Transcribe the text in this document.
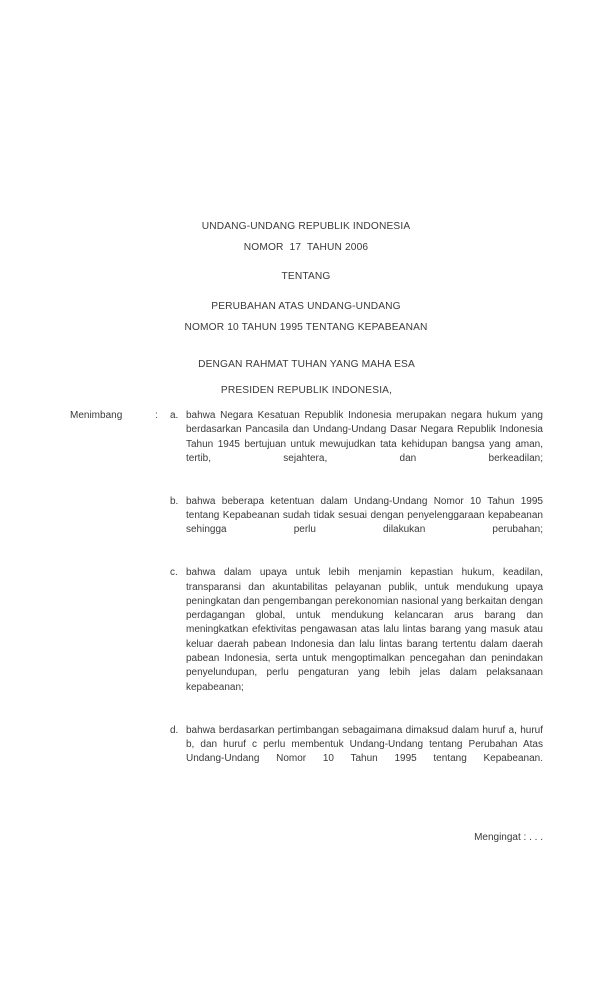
UNDANG-UNDANG REPUBLIK INDONESIA
NOMOR  17  TAHUN 2006
TENTANG
PERUBAHAN ATAS UNDANG-UNDANG
NOMOR 10 TAHUN 1995 TENTANG KEPABEANAN
DENGAN RAHMAT TUHAN YANG MAHA ESA
PRESIDEN REPUBLIK INDONESIA,
Menimbang	: a. bahwa Negara Kesatuan Republik Indonesia merupakan negara hukum yang berdasarkan Pancasila dan Undang-Undang Dasar Negara Republik Indonesia Tahun 1945 bertujuan untuk mewujudkan tata kehidupan bangsa yang aman, tertib, sejahtera, dan berkeadilan;
b. bahwa beberapa ketentuan dalam Undang-Undang Nomor 10 Tahun 1995 tentang Kepabeanan sudah tidak sesuai dengan penyelenggaraan kepabeanan sehingga perlu dilakukan perubahan;
c. bahwa dalam upaya untuk lebih menjamin kepastian hukum, keadilan, transparansi dan akuntabilitas pelayanan publik, untuk mendukung upaya peningkatan dan pengembangan perekonomian nasional yang berkaitan dengan perdagangan global, untuk mendukung kelancaran arus barang dan meningkatkan efektivitas pengawasan atas lalu lintas barang yang masuk atau keluar daerah pabean Indonesia dan lalu lintas barang tertentu dalam daerah pabean Indonesia, serta untuk mengoptimalkan pencegahan dan penindakan penyelundupan, perlu pengaturan yang lebih jelas dalam pelaksanaan kepabeanan;
d. bahwa berdasarkan pertimbangan sebagaimana dimaksud dalam huruf a, huruf b, dan huruf c perlu membentuk Undang-Undang tentang Perubahan Atas Undang-Undang Nomor 10 Tahun 1995 tentang Kepabeanan.
Mengingat : . . .
